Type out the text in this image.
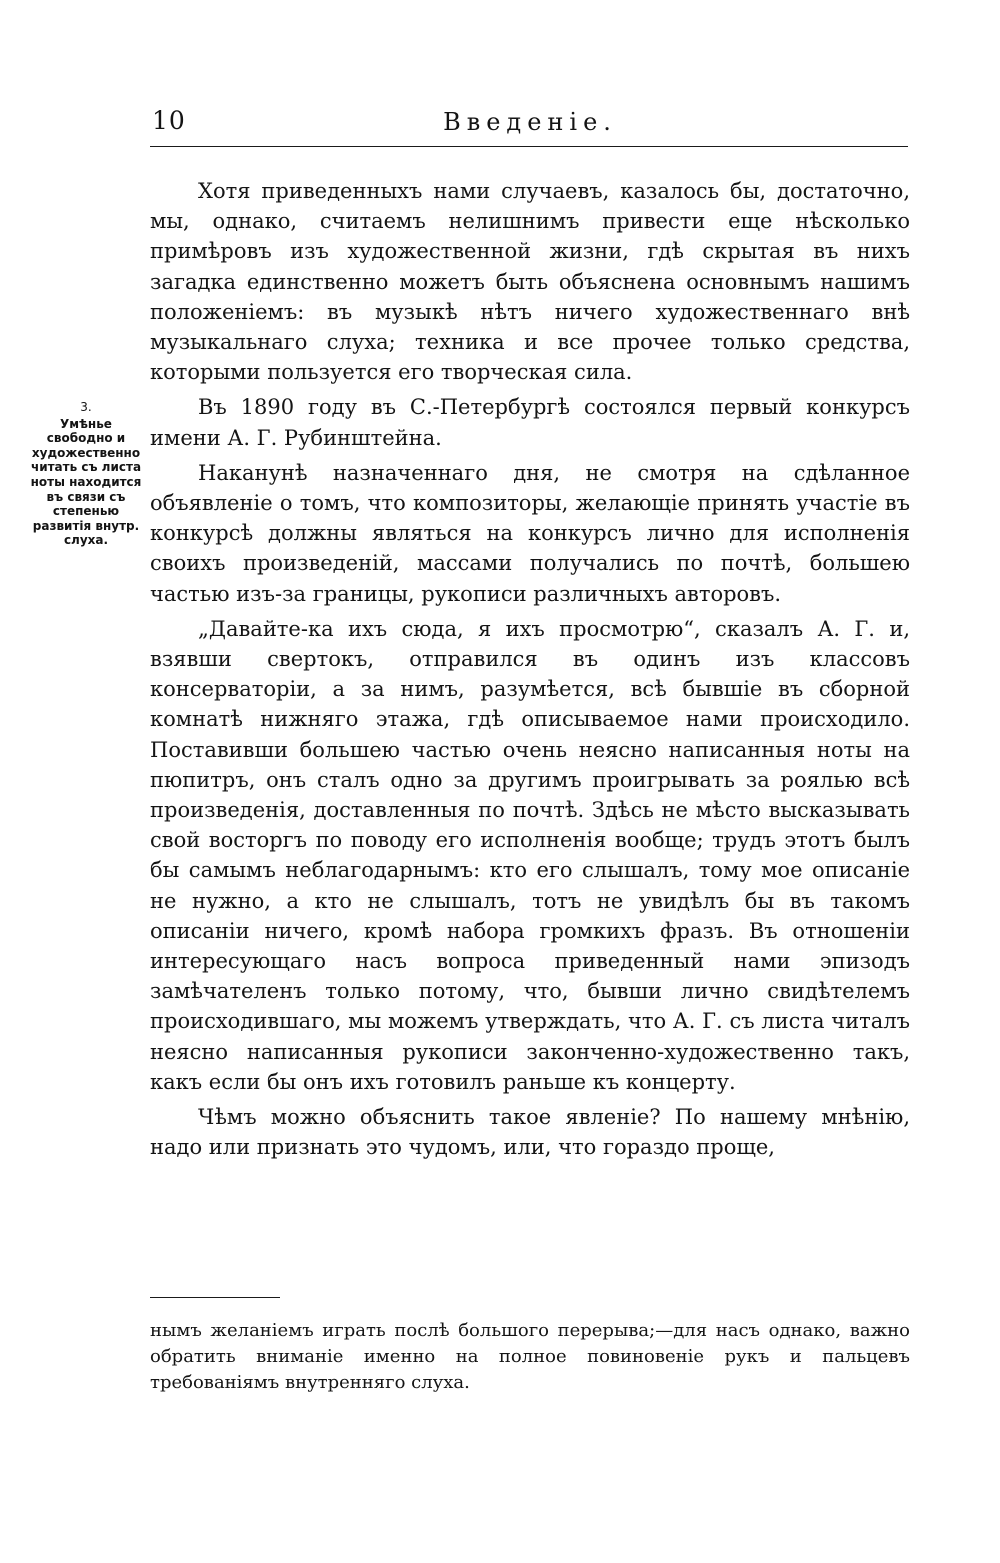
10	Введенiе.
3.
Умѣнье свободно и художественно читать съ листа ноты находится въ связи съ степенью развитiя внутр. слуха.

Хотя приведенныхъ нами случаевъ, казалось бы, достаточно, мы, однако, считаемъ нелишнимъ привести еще нѣсколько примѣровъ изъ художественной жизни, гдѣ скрытая въ нихъ загадка единственно можетъ быть объяснена основнымъ нашимъ положенiемъ: въ музыкѣ нѣтъ ничего художественнаго внѣ музыкальнаго слуха; техника и все прочее только средства, которыми пользуется его творческая сила.

Въ 1890 году въ С.-Петербургѣ состоялся первый конкурсъ имени А. Г. Рубинштейна.

Наканунѣ назначеннаго дня, не смотря на сдѣланное объявленiе о томъ, что композиторы, желающiе принять участiе въ конкурсѣ должны являться на конкурсъ лично для исполненiя своихъ произведенiй, массами получались по почтѣ, большею частью изъ-за границы, рукописи различныхъ авторовъ.

„Давайте-ка ихъ сюда, я ихъ просмотрю“, сказалъ А. Г. и, взявши свертокъ, отправился въ одинъ изъ классовъ консерваторiи, а за нимъ, разумѣется, всѣ бывшiе въ сборной комнатѣ нижняго этажа, гдѣ описываемое нами происходило. Поставивши большею частью очень неясно написанныя ноты на пюпитръ, онъ сталъ одно за другимъ проигрывать за роялью всѣ произведенiя, доставленныя по почтѣ. Здѣсь не мѣсто высказывать свой восторгъ по поводу его исполненiя вообще; трудъ этотъ былъ бы самымъ неблагодарнымъ: кто его слышалъ, тому мое описанiе не нужно, а кто не слышалъ, тотъ не увидѣлъ бы въ такомъ описанiи ничего, кромѣ набора громкихъ фразъ. Въ отношенiи интересующаго насъ вопроса приведенный нами эпизодъ замѣчателенъ только потому, что, бывши лично свидѣтелемъ происходившаго, мы можемъ утверждать, что А. Г. съ листа читалъ неясно написанныя рукописи законченно-художественно такъ, какъ если бы онъ ихъ готовилъ раньше къ концерту.

Чѣмъ можно объяснить такое явленiе? По нашему мнѣнiю, надо или признать это чудомъ, или, что гораздо проще,

нымъ желанiемъ играть послѣ большого перерыва;—для насъ однако, важно обратить вниманiе именно на полное повиновенiе рукъ и пальцевъ требованiямъ внутренняго слуха.
